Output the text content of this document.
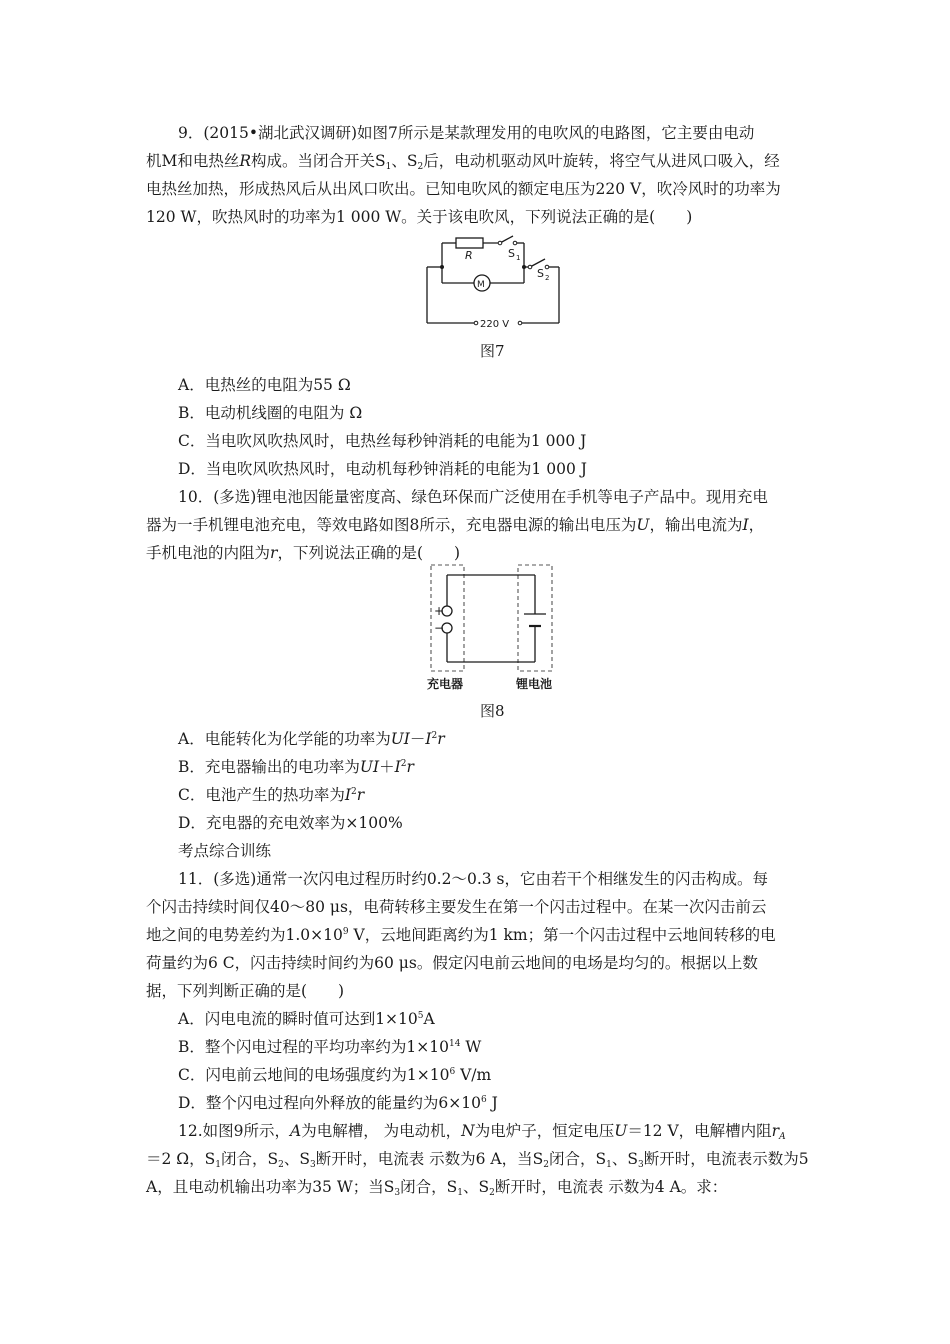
9．(2015•湖北武汉调研)如图7所示是某款理发用的电吹风的电路图，它主要由电动
机M和电热丝R构成。当闭合开关$S_1$、$S_2$后，电动机驱动风叶旋转，将空气从进风口吸入，经
电热丝加热，形成热风后从出风口吹出。已知电吹风的额定电压为220 V，吹冷风时的功率为
120 W，吹热风时的功率为1 000 W。关于该电吹风，下列说法正确的是(　　)
R	S 1
S 2
M
220 V
图7
A．电热丝的电阻为55 Ω
B．电动机线圈的电阻为 Ω
C．当电吹风吹热风时，电热丝每秒钟消耗的电能为1 000 J
D．当电吹风吹热风时，电动机每秒钟消耗的电能为1 000 J
10．(多选)锂电池因能量密度高、绿色环保而广泛使用在手机等电子产品中。现用充电
器为一手机锂电池充电，等效电路如图8所示，充电器电源的输出电压为U，输出电流为I，
手机电池的内阻为r，下列说法正确的是(　　)
+
−
充电器	锂电池
图8
A．电能转化为化学能的功率为$UI-I^2r$
B．充电器输出的电功率为$UI+I^2r$
C．电池产生的热功率为$I^2r$
D．充电器的充电效率为×100%
考点综合训练
11．(多选)通常一次闪电过程历时约0.2～0.3 s，它由若干个相继发生的闪击构成。每
个闪击持续时间仅40～80 μs，电荷转移主要发生在第一个闪击过程中。在某一次闪击前云
地之间的电势差约为$1.0\times 10^9$ V，云地间距离约为1 km；第一个闪击过程中云地间转移的电
荷量约为6 C，闪击持续时间约为60 μs。假定闪电前云地间的电场是均匀的。根据以上数
据，下列判断正确的是(　　)
A．闪电电流的瞬时值可达到$1\times 10^5A$
B．整个闪电过程的平均功率约为$1\times 10^{14}$ W
C．闪电前云地间的电场强度约为$1\times 10^6$ V/m
D．整个闪电过程向外释放的能量约为$6\times 10^6$ J
12.如图9所示，A为电解槽， 为电动机，N为电炉子，恒定电压U＝12 V，电解槽内阻$r_A$
＝2 Ω，$S_1$闭合，$S_2$、$S_3$断开时，电流表 示数为6 A，当$S_2$闭合，$S_1$、$S_3$断开时，电流表示数为5
A，且电动机输出功率为35 W；当$S_3$闭合，$S_1$、$S_2$断开时，电流表 示数为4 A。求：
